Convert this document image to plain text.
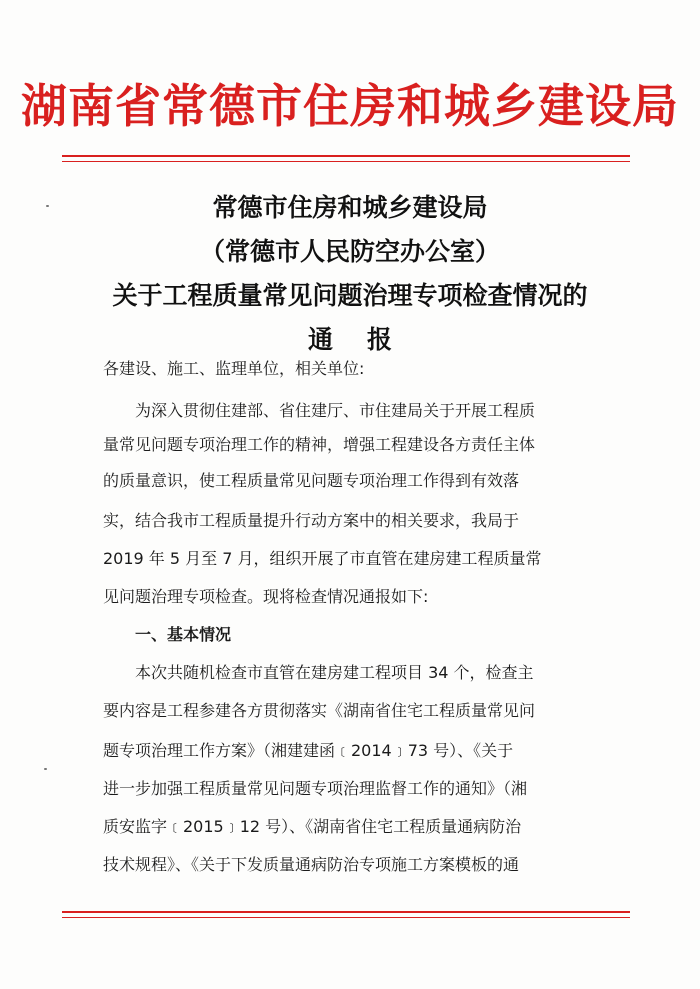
湖南省常德市住房和城乡建设局
常德市住房和城乡建设局
（常德市人民防空办公室）
关于工程质量常见问题治理专项检查情况的
通报
各建设、施工、监理单位，相关单位:
为深入贯彻住建部、省住建厅、市住建局关于开展工程质
量常见问题专项治理工作的精神，增强工程建设各方责任主体
的质量意识，使工程质量常见问题专项治理工作得到有效落
实，结合我市工程质量提升行动方案中的相关要求，我局于
2019 年 5 月至 7 月，组织开展了市直管在建房建工程质量常
见问题治理专项检查。现将检查情况通报如下:
一、基本情况
本次共随机检查市直管在建房建工程项目 34 个，检查主
要内容是工程参建各方贯彻落实《湖南省住宅工程质量常见问
题专项治理工作方案》（湘建建函﹝2014﹞73 号）、《关于
进一步加强工程质量常见问题专项治理监督工作的通知》（湘
质安监字﹝2015﹞12 号）、《湖南省住宅工程质量通病防治
技术规程》、《关于下发质量通病防治专项施工方案模板的通
